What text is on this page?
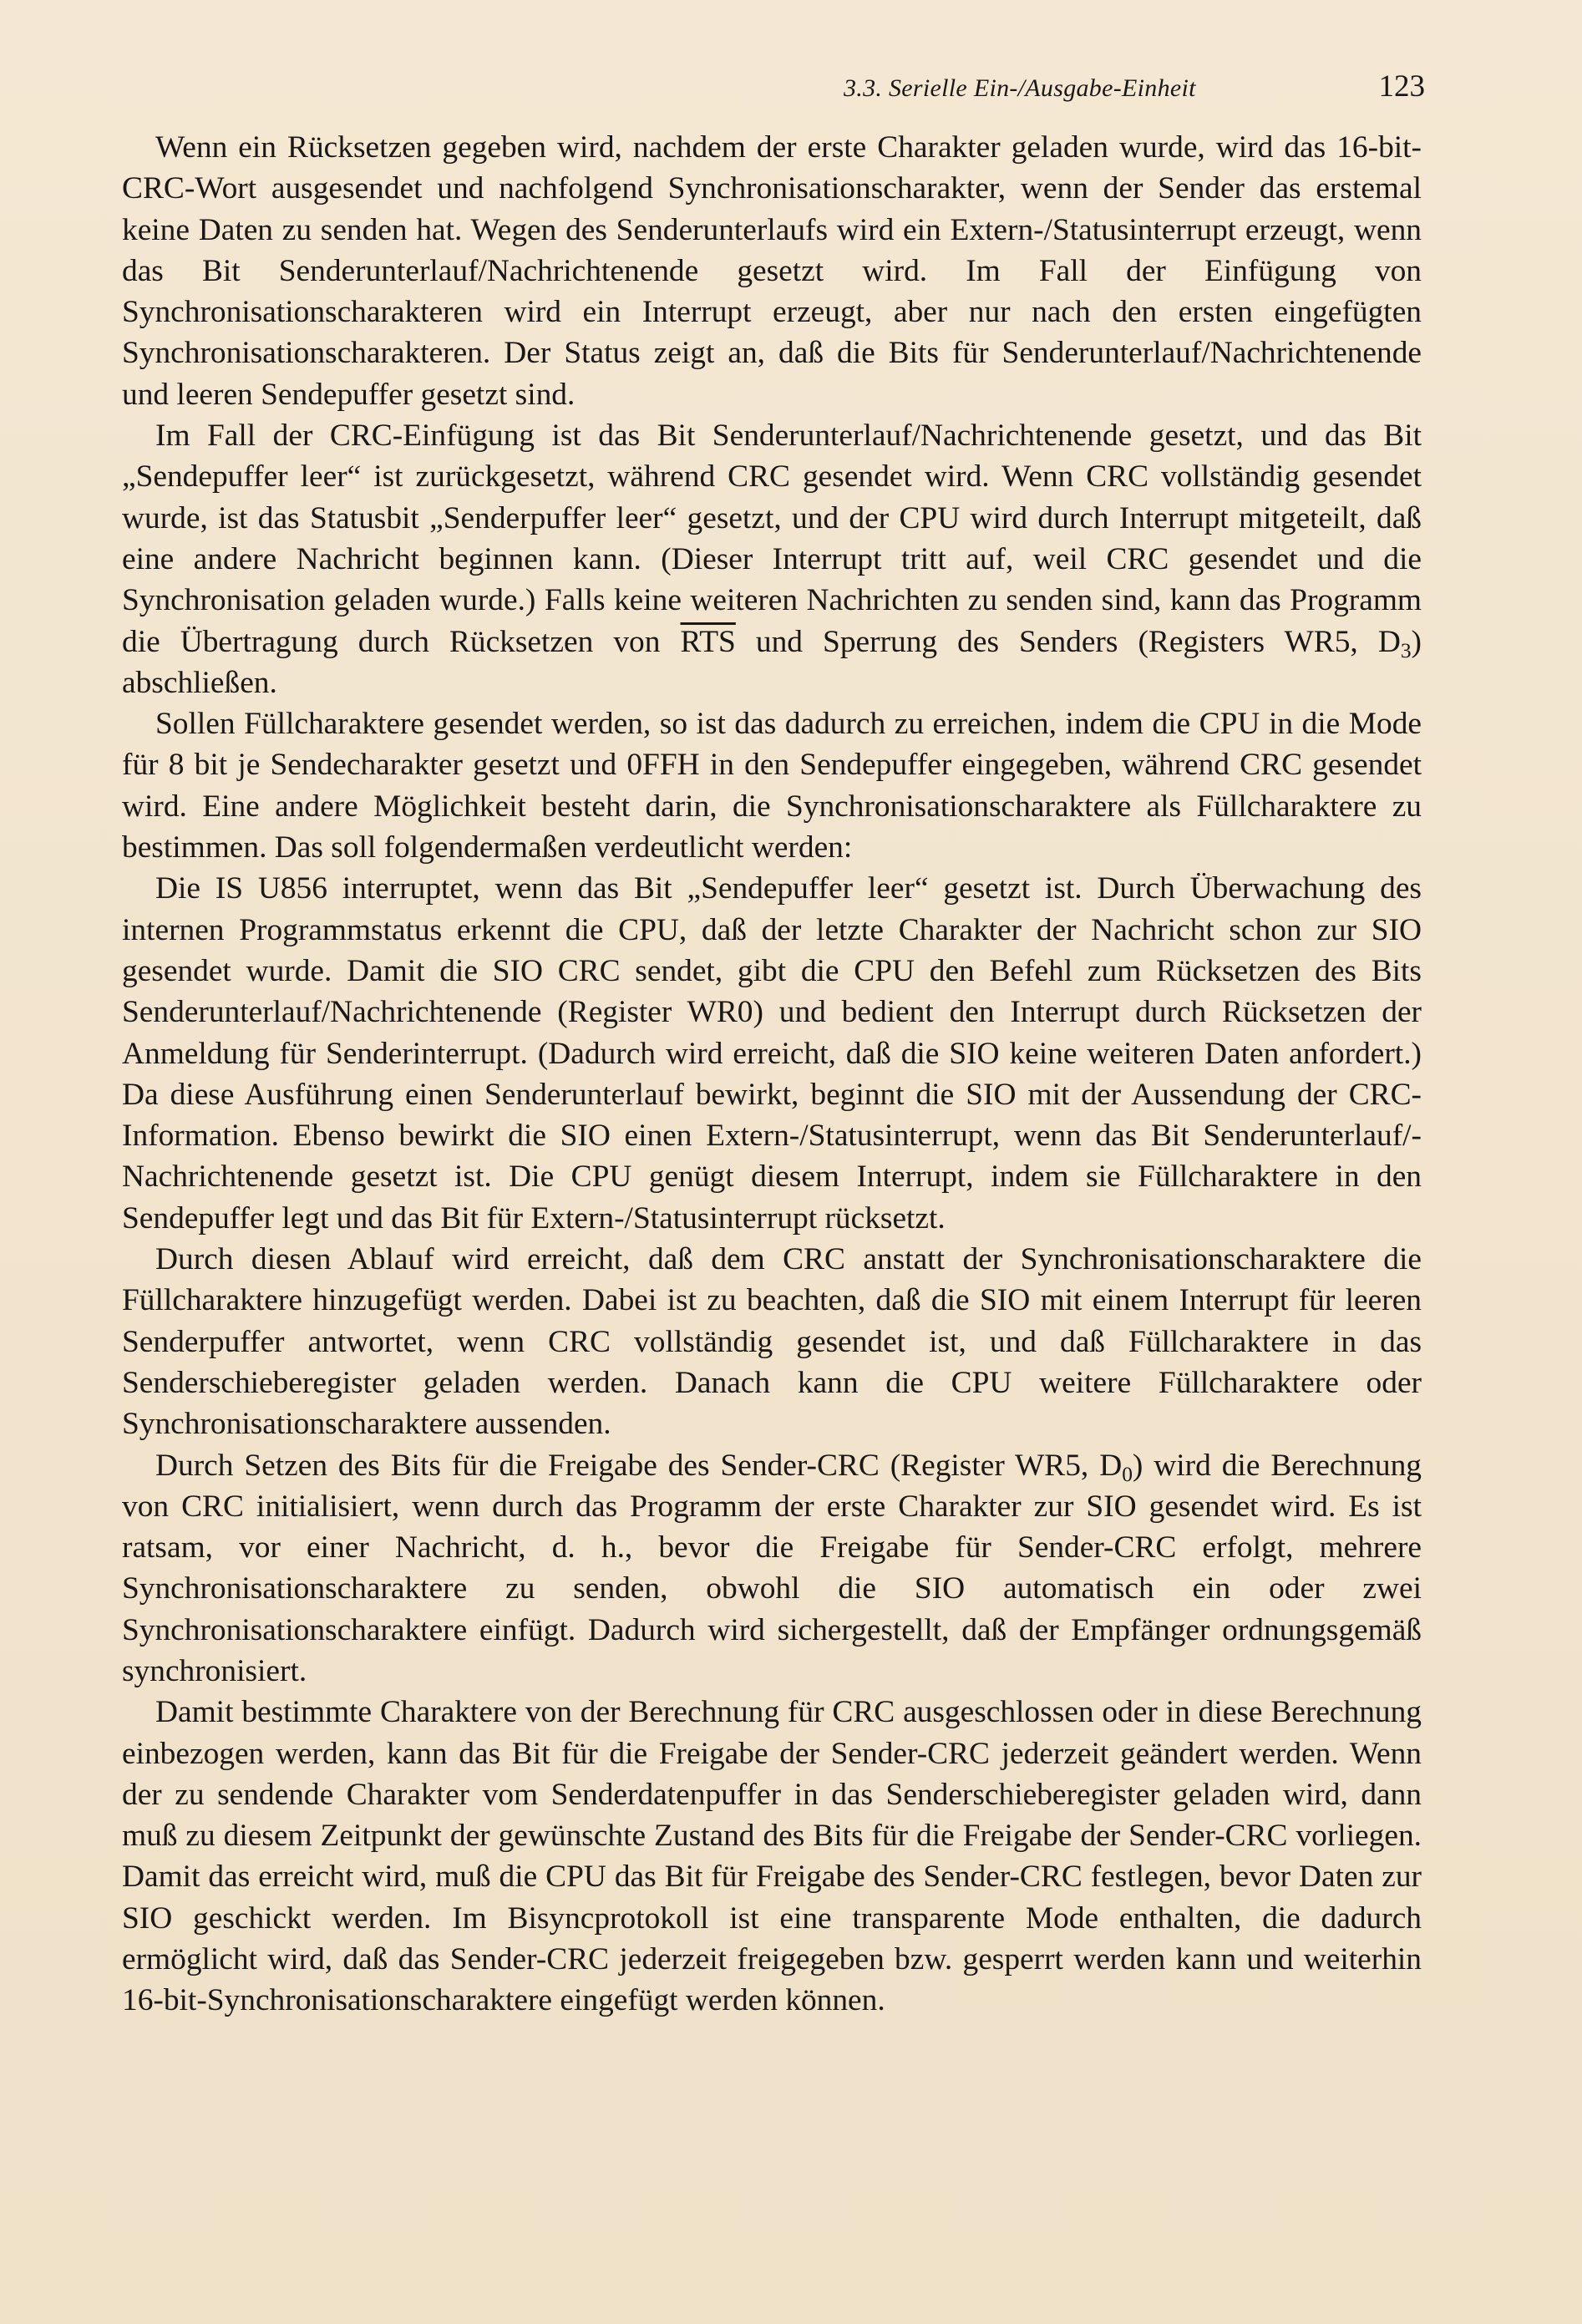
3.3. Serielle Ein-/Ausgabe-Einheit	123

Wenn ein Rücksetzen gegeben wird, nachdem der erste Charakter geladen wurde, wird das 16-bit-CRC-Wort ausgesendet und nachfolgend Synchronisationscharakter, wenn der Sender das erstemal keine Daten zu senden hat. Wegen des Senderunterlaufs wird ein Extern-/Statusinterrupt erzeugt, wenn das Bit Senderunterlauf/Nachrichtenende gesetzt wird. Im Fall der Einfügung von Synchronisationscharakteren wird ein Interrupt erzeugt, aber nur nach den ersten eingefügten Synchronisationscharakteren. Der Status zeigt an, daß die Bits für Senderunterlauf/Nachrichtenende und leeren Sendepuffer gesetzt sind.

Im Fall der CRC-Einfügung ist das Bit Senderunterlauf/Nachrichtenende gesetzt, und das Bit „Sendepuffer leer“ ist zurückgesetzt, während CRC gesendet wird. Wenn CRC vollständig gesendet wurde, ist das Statusbit „Senderpuffer leer“ gesetzt, und der CPU wird durch Interrupt mitgeteilt, daß eine andere Nachricht beginnen kann. (Dieser Interrupt tritt auf, weil CRC gesendet und die Synchronisation geladen wurde.) Falls keine weiteren Nachrichten zu senden sind, kann das Programm die Übertragung durch Rücksetzen von $\overline{RTS}$ und Sperrung des Senders (Registers WR5, $D_3$) abschließen.

Sollen Füllcharaktere gesendet werden, so ist das dadurch zu erreichen, indem die CPU in die Mode für 8 bit je Sendecharakter gesetzt und 0FFH in den Sendepuffer eingegeben, während CRC gesendet wird. Eine andere Möglichkeit besteht darin, die Synchronisationscharaktere als Füllcharaktere zu bestimmen. Das soll folgendermaßen verdeutlicht werden:

Die IS U856 interruptet, wenn das Bit „Sendepuffer leer“ gesetzt ist. Durch Überwachung des internen Programmstatus erkennt die CPU, daß der letzte Charakter der Nachricht schon zur SIO gesendet wurde. Damit die SIO CRC sendet, gibt die CPU den Befehl zum Rücksetzen des Bits Senderunterlauf/Nachrichtenende (Register WR0) und bedient den Interrupt durch Rücksetzen der Anmeldung für Senderinterrupt. (Dadurch wird erreicht, daß die SIO keine weiteren Daten anfordert.) Da diese Ausführung einen Senderunterlauf bewirkt, beginnt die SIO mit der Aussendung der CRC-Information. Ebenso bewirkt die SIO einen Extern-/Statusinterrupt, wenn das Bit Senderunterlauf/Nachrichtenende gesetzt ist. Die CPU genügt diesem Interrupt, indem sie Füllcharaktere in den Sendepuffer legt und das Bit für Extern-/Statusinterrupt rücksetzt.

Durch diesen Ablauf wird erreicht, daß dem CRC anstatt der Synchronisationscharaktere die Füllcharaktere hinzugefügt werden. Dabei ist zu beachten, daß die SIO mit einem Interrupt für leeren Senderpuffer antwortet, wenn CRC vollständig gesendet ist, und daß Füllcharaktere in das Senderschieberegister geladen werden. Danach kann die CPU weitere Füllcharaktere oder Synchronisationscharaktere aussenden.

Durch Setzen des Bits für die Freigabe des Sender-CRC (Register WR5, $D_0$) wird die Berechnung von CRC initialisiert, wenn durch das Programm der erste Charakter zur SIO gesendet wird. Es ist ratsam, vor einer Nachricht, d. h., bevor die Freigabe für Sender-CRC erfolgt, mehrere Synchronisationscharaktere zu senden, obwohl die SIO automatisch ein oder zwei Synchronisationscharaktere einfügt. Dadurch wird sichergestellt, daß der Empfänger ordnungsgemäß synchronisiert.

Damit bestimmte Charaktere von der Berechnung für CRC ausgeschlossen oder in diese Berechnung einbezogen werden, kann das Bit für die Freigabe der Sender-CRC jederzeit geändert werden. Wenn der zu sendende Charakter vom Senderdatenpuffer in das Senderschieberegister geladen wird, dann muß zu diesem Zeitpunkt der gewünschte Zustand des Bits für die Freigabe der Sender-CRC vorliegen. Damit das erreicht wird, muß die CPU das Bit für Freigabe des Sender-CRC festlegen, bevor Daten zur SIO geschickt werden. Im Bisyncprotokoll ist eine transparente Mode enthalten, die dadurch ermöglicht wird, daß das Sender-CRC jederzeit freigegeben bzw. gesperrt werden kann und weiterhin 16-bit-Synchronisationscharaktere eingefügt werden können.
